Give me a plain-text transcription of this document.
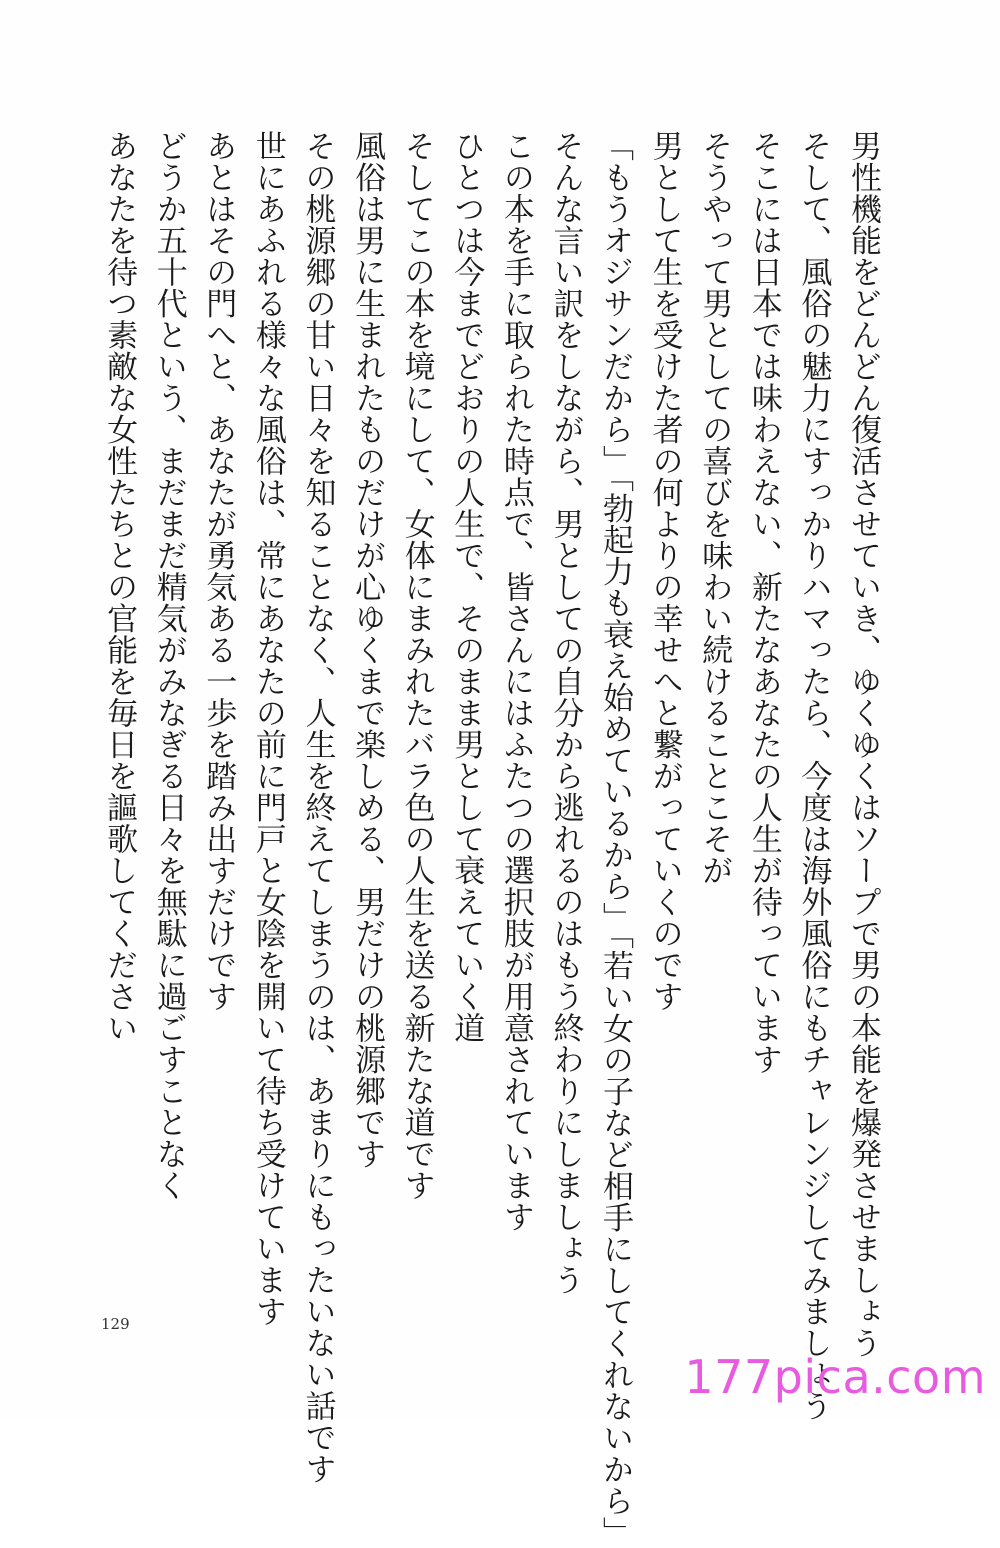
男性機能をどんどん復活させていき、ゆくゆくはソープで男の本能を爆発させましょう
そして、風俗の魅力にすっかりハマったら、今度は海外風俗にもチャレンジしてみましょう
そこには日本では味わえない、新たなあなたの人生が待っています
そうやって男としての喜びを味わい続けることこそが
男として生を受けた者の何よりの幸せへと繋がっていくのです
「もうオジサンだから」「勃起力も衰え始めているから」「若い女の子など相手にしてくれないから」
そんな言い訳をしながら、男としての自分から逃れるのはもう終わりにしましょう
この本を手に取られた時点で、皆さんにはふたつの選択肢が用意されています
ひとつは今までどおりの人生で、そのまま男として衰えていく道
そしてこの本を境にして、女体にまみれたバラ色の人生を送る新たな道です
風俗は男に生まれたものだけが心ゆくまで楽しめる、男だけの桃源郷です
その桃源郷の甘い日々を知ることなく、人生を終えてしまうのは、あまりにもったいない話です
世にあふれる様々な風俗は、常にあなたの前に門戸と女陰を開いて待ち受けています
あとはその門へと、あなたが勇気ある一歩を踏み出すだけです
どうか五十代という、まだまだ精気がみなぎる日々を無駄に過ごすことなく
あなたを待つ素敵な女性たちとの官能を毎日を謳歌してください
129
177pica.com
